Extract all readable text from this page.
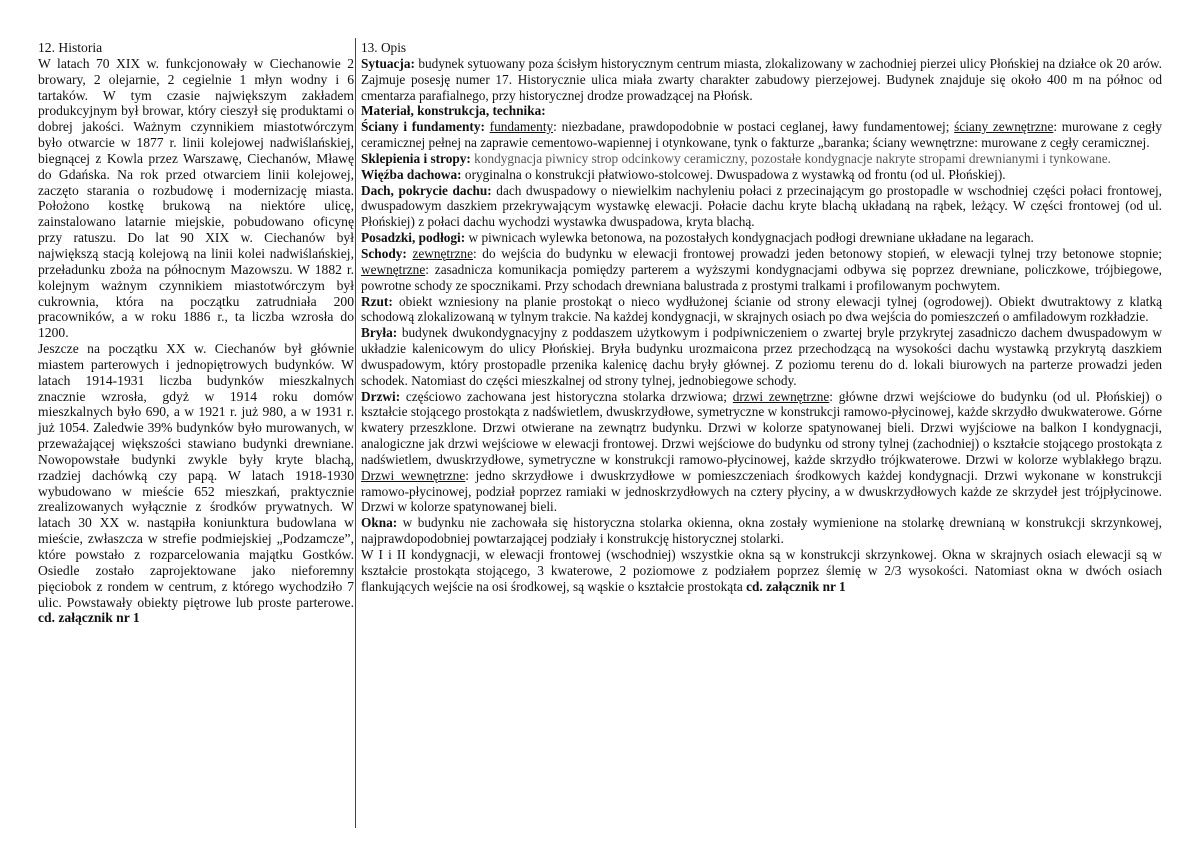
12. Historia

W latach 70 XIX w. funkcjonowały w Ciechanowie 2 browary, 2 olejarnie, 2 cegielnie 1 młyn wodny i 6 tartaków. W tym czasie największym zakładem produkcyjnym był browar, który cieszył się produktami o dobrej jakości. Ważnym czynnikiem miastotwórczym było otwarcie w 1877 r. linii kolejowej nadwiślańskiej, biegnącej z Kowla przez Warszawę, Ciechanów, Mławę do Gdańska. Na rok przed otwarciem linii kolejowej, zaczęto starania o rozbudowę i modernizację miasta. Położono kostkę brukową na niektóre ulicę, zainstalowano latarnie miejskie, pobudowano oficynę przy ratuszu. Do lat 90 XIX w. Ciechanów był największą stacją kolejową na linii kolei nadwiślańskiej, przeładunku zboża na północnym Mazowszu. W 1882 r. kolejnym ważnym czynnikiem miastotwórczym był cukrownia, która na początku zatrudniała 200 pracowników, a w roku 1886 r., ta liczba wzrosła do 1200.

Jeszcze na początku XX w. Ciechanów był głównie miastem parterowych i jednopiętrowych budynków. W latach 1914-1931 liczba budynków mieszkalnych znacznie wzrosła, gdyż w 1914 roku domów mieszkalnych było 690, a w 1921 r. już 980, a w 1931 r. już 1054. Zaledwie 39% budynków było murowanych, w przeważającej większości stawiano budynki drewniane. Nowopowstałe budynki zwykle były kryte blachą, rzadziej dachówką czy papą. W latach 1918-1930 wybudowano w mieście 652 mieszkań, praktycznie zrealizowanych wyłącznie z środków prywatnych. W latach 30 XX w. nastąpiła koniunktura budowlana w mieście, zwłaszcza w strefie podmiejskiej „Podzamcze”, które powstało z rozparcelowania majątku Gostków. Osiedle zostało zaprojektowane jako nieforemny pięciobok z rondem w centrum, z którego wychodziło 7 ulic. Powstawały obiekty piętrowe lub proste parterowe. cd. załącznik nr 1

13. Opis

Sytuacja: budynek sytuowany poza ścisłym historycznym centrum miasta, zlokalizowany w zachodniej pierzei ulicy Płońskiej na działce ok 20 arów. Zajmuje posesję numer 17. Historycznie ulica miała zwarty charakter zabudowy pierzejowej. Budynek znajduje się około 400 m na północ od cmentarza parafialnego, przy historycznej drodze prowadzącej na Płońsk.

Materiał, konstrukcja, technika:

Ściany i fundamenty: fundamenty: niezbadane, prawdopodobnie w postaci ceglanej, ławy fundamentowej; ściany zewnętrzne: murowane z cegły ceramicznej pełnej na zaprawie cementowo-wapiennej i otynkowane, tynk o fakturze „baranka; ściany wewnętrzne: murowane z cegły ceramicznej.

Sklepienia i stropy: kondygnacja piwnicy strop odcinkowy ceramiczny, pozostałe kondygnacje nakryte stropami drewnianymi i tynkowane.

Więźba dachowa: oryginalna o konstrukcji płatwiowo-stolcowej. Dwuspadowa z wystawką od frontu (od ul. Płońskiej).

Dach, pokrycie dachu: dach dwuspadowy o niewielkim nachyleniu połaci z przecinającym go prostopadle w wschodniej części połaci frontowej, dwuspadowym daszkiem przekrywającym wystawkę elewacji. Połacie dachu kryte blachą układaną na rąbek, leżący. W części frontowej (od ul. Płońskiej) z połaci dachu wychodzi wystawka dwuspadowa, kryta blachą.

Posadzki, podłogi: w piwnicach wylewka betonowa, na pozostałych kondygnacjach podłogi drewniane układane na legarach.

Schody: zewnętrzne: do wejścia do budynku w elewacji frontowej prowadzi jeden betonowy stopień, w elewacji tylnej trzy betonowe stopnie; wewnętrzne: zasadnicza komunikacja pomiędzy parterem a wyższymi kondygnacjami odbywa się poprzez drewniane, policzkowe, trójbiegowe, powrotne schody ze spocznikami. Przy schodach drewniana balustrada z prostymi tralkami i profilowanym pochwytem.

Rzut: obiekt wzniesiony na planie prostokąt o nieco wydłużonej ścianie od strony elewacji tylnej (ogrodowej). Obiekt dwutraktowy z klatką schodową zlokalizowaną w tylnym trakcie. Na każdej kondygnacji, w skrajnych osiach po dwa wejścia do pomieszczeń o amfiladowym rozkładzie.

Bryła: budynek dwukondygnacyjny z poddaszem użytkowym i podpiwniczeniem o zwartej bryle przykrytej zasadniczo dachem dwuspadowym w układzie kalenicowym do ulicy Płońskiej. Bryła budynku urozmaicona przez przechodzącą na wysokości dachu wystawką przykrytą daszkiem dwuspadowym, który prostopadle przenika kalenicę dachu bryły głównej. Z poziomu terenu do d. lokali biurowych na parterze prowadzi jeden schodek. Natomiast do części mieszkalnej od strony tylnej, jednobiegowe schody.

Drzwi: częściowo zachowana jest historyczna stolarka drzwiowa; drzwi zewnętrzne: główne drzwi wejściowe do budynku (od ul. Płońskiej) o kształcie stojącego prostokąta z nadświetlem, dwuskrzydłowe, symetryczne w konstrukcji ramowo-płycinowej, każde skrzydło dwukwaterowe. Górne kwatery przeszklone. Drzwi otwierane na zewnątrz budynku. Drzwi w kolorze spatynowanej bieli. Drzwi wyjściowe na balkon I kondygnacji, analogiczne jak drzwi wejściowe w elewacji frontowej. Drzwi wejściowe do budynku od strony tylnej (zachodniej) o kształcie stojącego prostokąta z nadświetlem, dwuskrzydłowe, symetryczne w konstrukcji ramowo-płycinowej, każde skrzydło trójkwaterowe. Drzwi w kolorze wyblakłego brązu. Drzwi wewnętrzne: jedno skrzydłowe i dwuskrzydłowe w pomieszczeniach środkowych każdej kondygnacji. Drzwi wykonane w konstrukcji ramowo-płycinowej, podział poprzez ramiaki w jednoskrzydłowych na cztery płyciny, a w dwuskrzydłowych każde ze skrzydeł jest trójpłycinowe. Drzwi w kolorze spatynowanej bieli.

Okna: w budynku nie zachowała się historyczna stolarka okienna, okna zostały wymienione na stolarkę drewnianą w konstrukcji skrzynkowej, najprawdopodobniej powtarzającej podziały i konstrukcję historycznej stolarki.

W I i II kondygnacji, w elewacji frontowej (wschodniej) wszystkie okna są w konstrukcji skrzynkowej. Okna w skrajnych osiach elewacji są w kształcie prostokąta stojącego, 3 kwaterowe, 2 poziomowe z podziałem poprzez ślemię w 2/3 wysokości. Natomiast okna w dwóch osiach flankujących wejście na osi środkowej, są wąskie o kształcie prostokąta cd. załącznik nr 1
